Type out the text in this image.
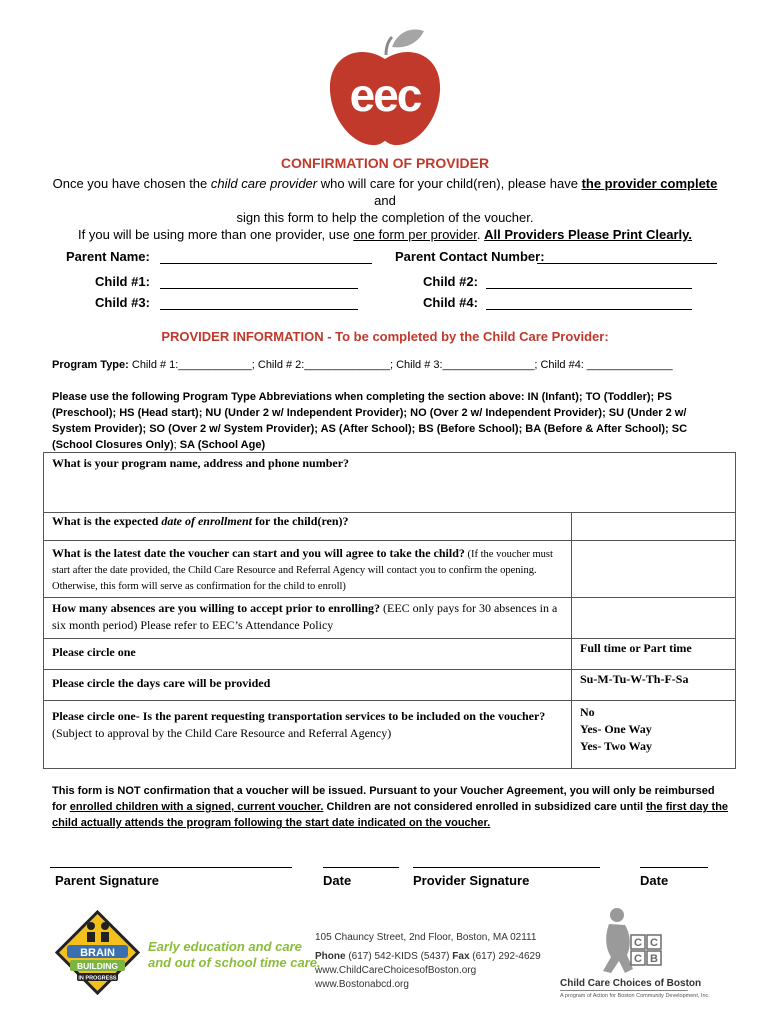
eec
CONFIRMATION OF PROVIDER
Once you have chosen the child care provider who will care for your child(ren), please have the provider complete and
sign this form to help the completion of the voucher.
If you will be using more than one provider, use one form per provider. All Providers Please Print Clearly.
Parent Name:	Parent Contact Number:
Child #1:	Child #2:
Child #3:	Child #4:
PROVIDER INFORMATION - To be completed by the Child Care Provider:
Program Type: Child # 1:____________; Child # 2:______________; Child # 3:_______________; Child #4: ______________
Please use the following Program Type Abbreviations when completing the section above: IN (Infant); TO (Toddler); PS (Preschool); HS (Head start); NU (Under 2 w/ Independent Provider); NO (Over 2 w/ Independent Provider); SU (Under 2 w/ System Provider); SO (Over 2 w/ System Provider); AS (After School); BS (Before School); BA (Before & After School); SC (School Closures Only); SA (School Age)
What is your program name, address and phone number?
What is the expected date of enrollment for the child(ren)?
What is the latest date the voucher can start and you will agree to take the child? (If the voucher must start after the date provided, the Child Care Resource and Referral Agency will contact you to confirm the opening. Otherwise, this form will serve as confirmation for the child to enroll)
How many absences are you willing to accept prior to enrolling? (EEC only pays for 30 absences in a six month period) Please refer to EEC’s Attendance Policy
Please circle one	Full time or Part time
Please circle the days care will be provided	Su-M-Tu-W-Th-F-Sa
Please circle one- Is the parent requesting transportation services to be included on the voucher? (Subject to approval by the Child Care Resource and Referral Agency)
No
Yes- One Way
Yes- Two Way
This form is NOT confirmation that a voucher will be issued. Pursuant to your Voucher Agreement, you will only be reimbursed for enrolled children with a signed, current voucher. Children are not considered enrolled in subsidized care until the first day the child actually attends the program following the start date indicated on the voucher.
Parent Signature	Date	Provider Signature	Date
BRAIN
BUILDING
IN PROGRESS
Early education and care
and out of school time care.
105 Chauncy Street, 2nd Floor, Boston, MA 02111
Phone (617) 542-KIDS (5437) Fax (617) 292-4629
www.ChildCareChoicesofBoston.org
www.Bostonabcd.org
C C
C B
Child Care Choices of Boston
A program of Action for Boston Community Development, Inc.
